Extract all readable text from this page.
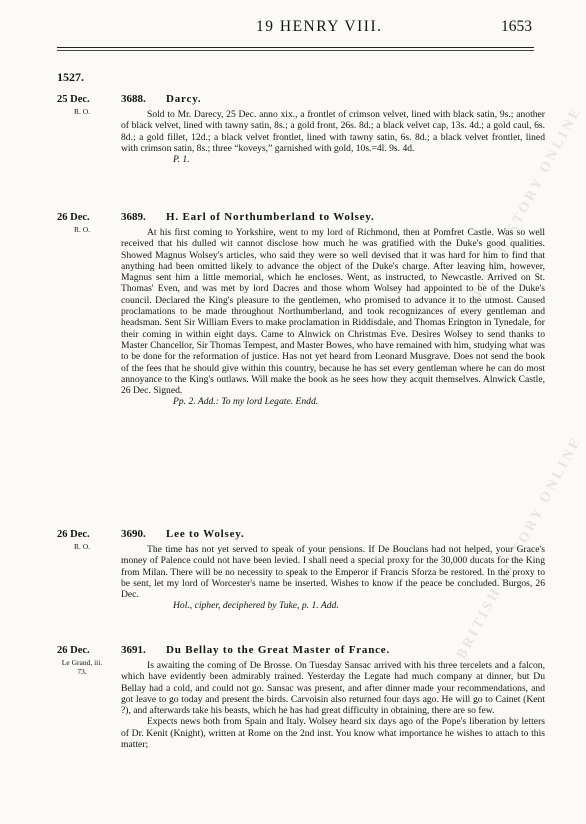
19 HENRY VIII.	1653
1527.
BRITISH HISTORY ONLINE
BRITISH HISTORY ONLINE
25 Dec.
R. O.
3688. Darcy.

Sold to Mr. Darecy, 25 Dec. anno xix., a frontlet of crimson velvet, lined with black satin, 9s.; another of black velvet, lined with tawny satin, 8s.; a gold front, 26s. 8d.; a black velvet cap, 13s. 4d.; a gold caul, 6s. 8d.; a gold fillet, 12d.; a black velvet frontlet, lined with tawny satin, 6s. 8d.; a black velvet frontlet, lined with crimson satin, 8s.; three “koveys,” garnished with gold, 10s.=4l. 9s. 4d.

P. 1.

26 Dec.
R. O.
3689. H. Earl of Northumberland to Wolsey.

At his first coming to Yorkshire, went to my lord of Richmond, then at Pomfret Castle. Was so well received that his dulled wit cannot disclose how much he was gratified with the Duke's good qualities. Showed Magnus Wolsey's articles, who said they were so well devised that it was hard for him to find that anything had been omitted likely to advance the object of the Duke's charge. After leaving him, however, Magnus sent him a little memorial, which he encloses. Went, as instructed, to Newcastle. Arrived on St. Thomas' Even, and was met by lord Dacres and those whom Wolsey had appointed to be of the Duke's council. Declared the King's pleasure to the gentlemen, who promised to advance it to the utmost. Caused proclamations to be made throughout Northumberland, and took recognizances of every gentleman and headsman. Sent Sir William Evers to make proclamation in Riddisdale, and Thomas Erington in Tynedale, for their coming in within eight days. Came to Alnwick on Christmas Eve. Desires Wolsey to send thanks to Master Chancellor, Sir Thomas Tempest, and Master Bowes, who have remained with him, studying what was to be done for the reformation of justice. Has not yet heard from Leonard Musgrave. Does not send the book of the fees that he should give within this country, because he has set every gentleman where he can do most annoyance to the King's outlaws. Will make the book as he sees how they acquit themselves. Alnwick Castle, 26 Dec. Signed.

Pp. 2. Add.: To my lord Legate. Endd.

26 Dec.
R. O.
3690. Lee to Wolsey.

The time has not yet served to speak of your pensions. If De Bouclans had not helped, your Grace's money of Palence could not have been levied. I shall need a special proxy for the 30,000 ducats for the King from Milan. There will be no necessity to speak to the Emperor if Francis Sforza be restored. In the proxy to be sent, let my lord of Worcester's name be inserted. Wishes to know if the peace be concluded. Burgos, 26 Dec.

Hol., cipher, deciphered by Tuke, p. 1. Add.

26 Dec.
Le Grand, iii. 73.
3691. Du Bellay to the Great Master of France.

Is awaiting the coming of De Brosse. On Tuesday Sansac arrived with his three tercelets and a falcon, which have evidently been admirably trained. Yesterday the Legate had much company at dinner, but Du Bellay had a cold, and could not go. Sansac was present, and after dinner made your recommendations, and got leave to go today and present the birds. Carvoisin also returned four days ago. He will go to Cainet (Kent ?), and afterwards take his beasts, which he has had great difficulty in obtaining, there are so few.

Expects news both from Spain and Italy. Wolsey heard six days ago of the Pope's liberation by letters of Dr. Kenit (Knight), written at Rome on the 2nd inst. You know what importance he wishes to attach to this matter;
